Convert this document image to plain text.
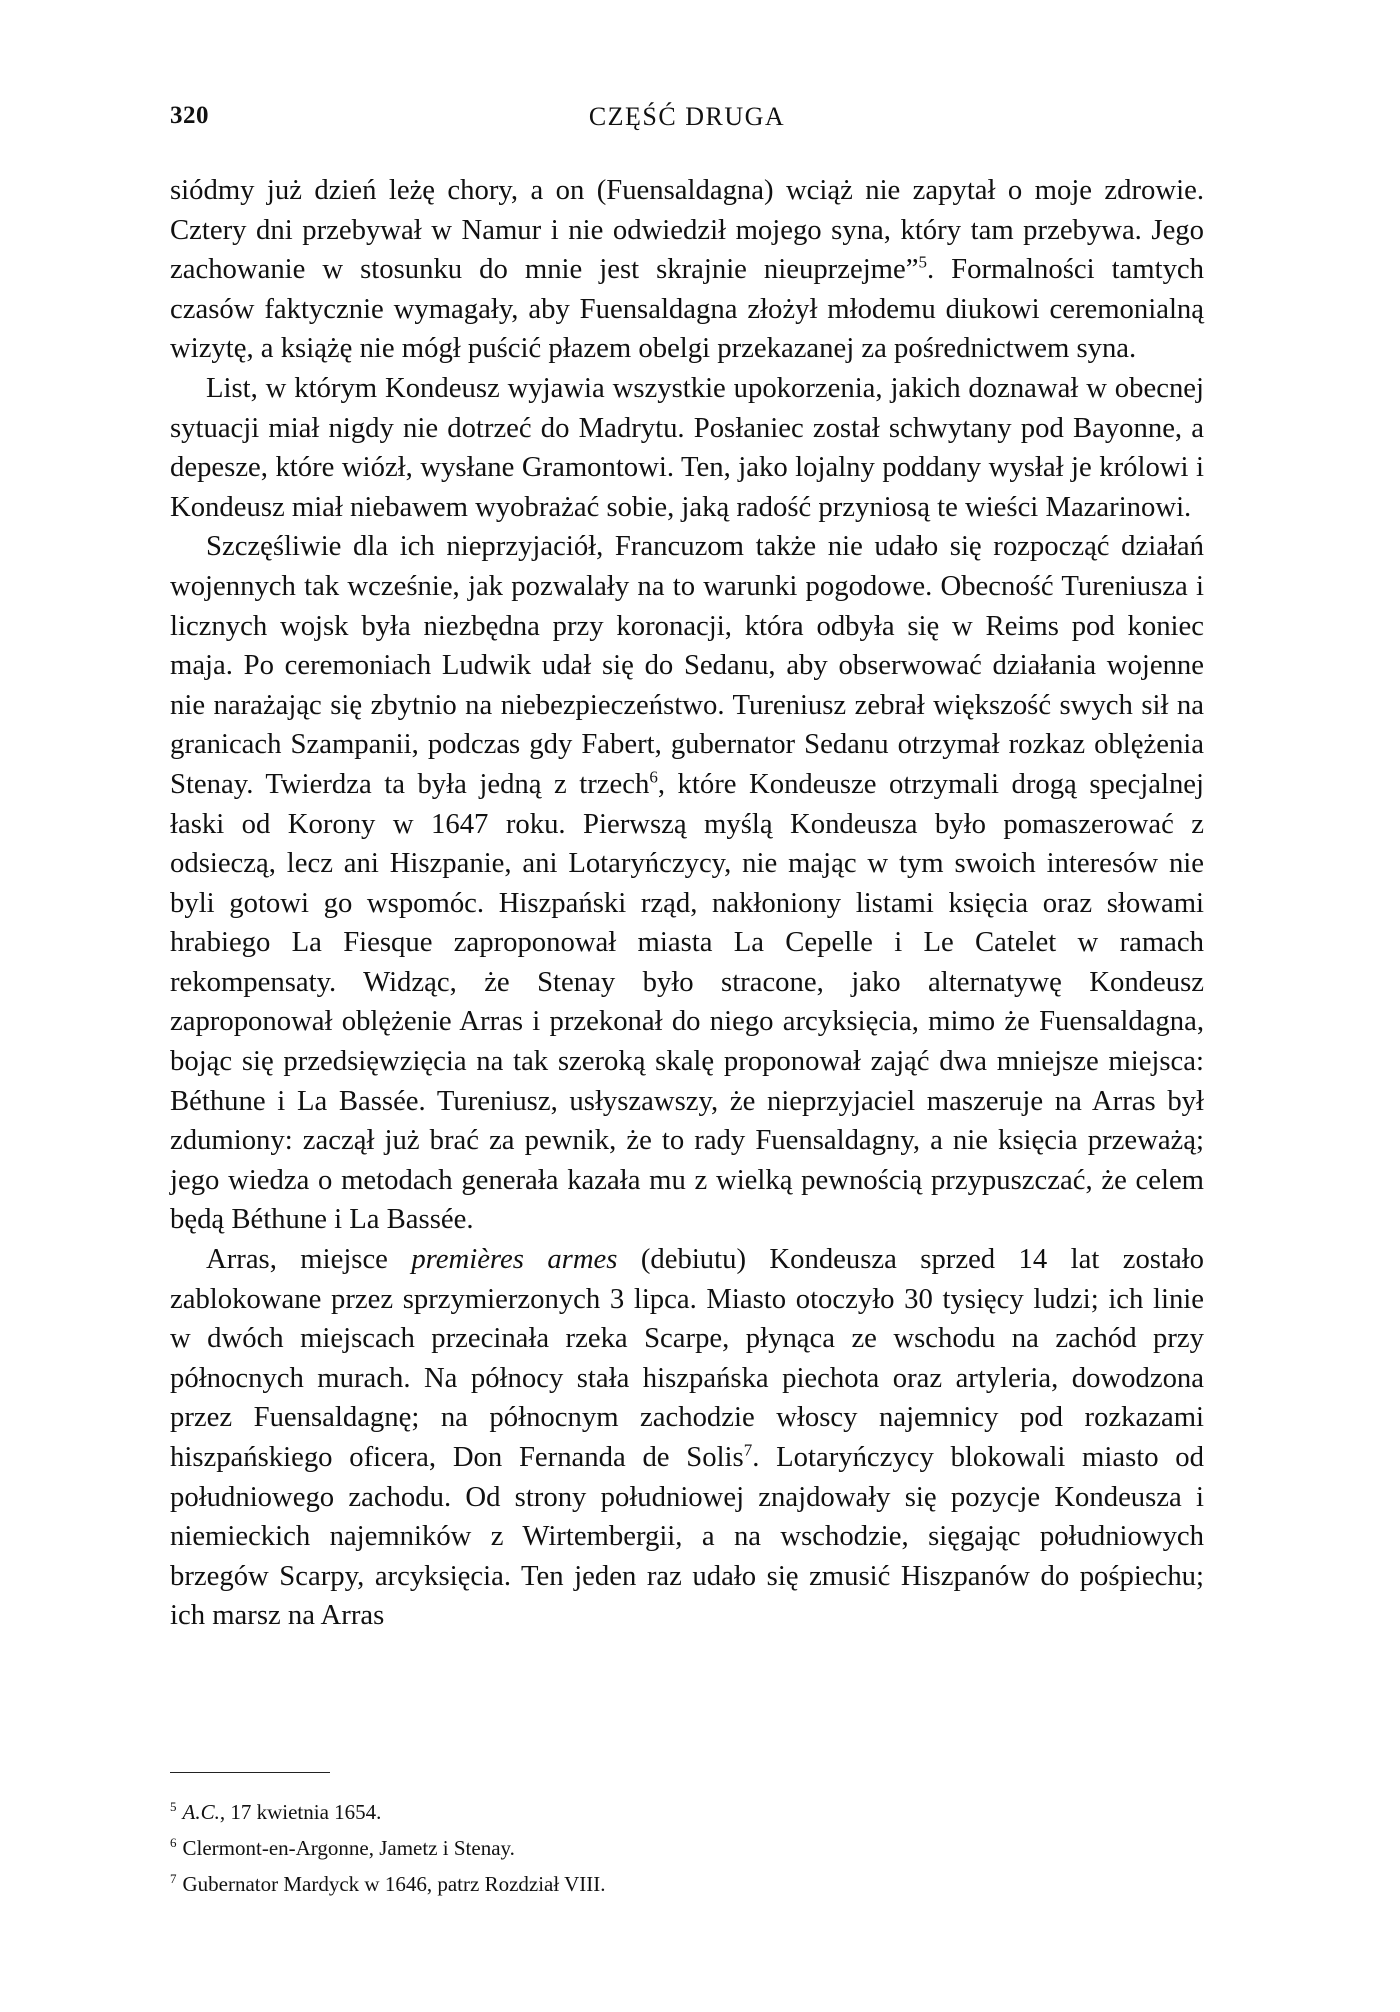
320	CZĘŚĆ DRUGA

siódmy już dzień leżę chory, a on (Fuensaldagna) wciąż nie zapytał o moje zdrowie. Cztery dni przebywał w Namur i nie odwiedził mojego syna, który tam przebywa. Jego zachowanie w stosunku do mnie jest skrajnie nieuprzejme”$^5$. Formalności tamtych czasów faktycznie wymagały, aby Fuensaldagna złożył młodemu diukowi ceremonialną wizytę, a książę nie mógł puścić płazem obelgi przekazanej za pośrednictwem syna.

List, w którym Kondeusz wyjawia wszystkie upokorzenia, jakich doznawał w obecnej sytuacji miał nigdy nie dotrzeć do Madrytu. Posłaniec został schwytany pod Bayonne, a depesze, które wiózł, wysłane Gramontowi. Ten, jako lojalny poddany wysłał je królowi i Kondeusz miał niebawem wyobrażać sobie, jaką radość przyniosą te wieści Mazarinowi.

Szczęśliwie dla ich nieprzyjaciół, Francuzom także nie udało się rozpocząć działań wojennych tak wcześnie, jak pozwalały na to warunki pogodowe. Obecność Tureniusza i licznych wojsk była niezbędna przy koronacji, która odbyła się w Reims pod koniec maja. Po ceremoniach Ludwik udał się do Sedanu, aby obserwować działania wojenne nie narażając się zbytnio na niebezpieczeństwo. Tureniusz zebrał większość swych sił na granicach Szampanii, podczas gdy Fabert, gubernator Sedanu otrzymał rozkaz oblężenia Stenay. Twierdza ta była jedną z trzech$^6$, które Kondeusze otrzymali drogą specjalnej łaski od Korony w 1647 roku. Pierwszą myślą Kondeusza było pomaszerować z odsieczą, lecz ani Hiszpanie, ani Lotaryńczycy, nie mając w tym swoich interesów nie byli gotowi go wspomóc. Hiszpański rząd, nakłoniony listami księcia oraz słowami hrabiego La Fiesque zaproponował miasta La Cepelle i Le Catelet w ramach rekompensaty. Widząc, że Stenay było stracone, jako alternatywę Kondeusz zaproponował oblężenie Arras i przekonał do niego arcyksięcia, mimo że Fuensaldagna, bojąc się przedsięwzięcia na tak szeroką skalę proponował zająć dwa mniejsze miejsca: Béthune i La Bassée. Tureniusz, usłyszawszy, że nieprzyjaciel maszeruje na Arras był zdumiony: zaczął już brać za pewnik, że to rady Fuensaldagny, a nie księcia przeważą; jego wiedza o metodach generała kazała mu z wielką pewnością przypuszczać, że celem będą Béthune i La Bassée.

Arras, miejsce premières armes (debiutu) Kondeusza sprzed 14 lat zostało zablokowane przez sprzymierzonych 3 lipca. Miasto otoczyło 30 tysięcy ludzi; ich linie w dwóch miejscach przecinała rzeka Scarpe, płynąca ze wschodu na zachód przy północnych murach. Na północy stała hiszpańska piechota oraz artyleria, dowodzona przez Fuensaldagnę; na północnym zachodzie włoscy najemnicy pod rozkazami hiszpańskiego oficera, Don Fernanda de Solis$^7$. Lotaryńczycy blokowali miasto od południowego zachodu. Od strony południowej znajdowały się pozycje Kondeusza i niemieckich najemników z Wirtembergii, a na wschodzie, sięgając południowych brzegów Scarpy, arcyksięcia. Ten jeden raz udało się zmusić Hiszpanów do pośpiechu; ich marsz na Arras

$^5$ A.C., 17 kwietnia 1654.

$^6$ Clermont-en-Argonne, Jametz i Stenay.

$^7$ Gubernator Mardyck w 1646, patrz Rozdział VIII.
